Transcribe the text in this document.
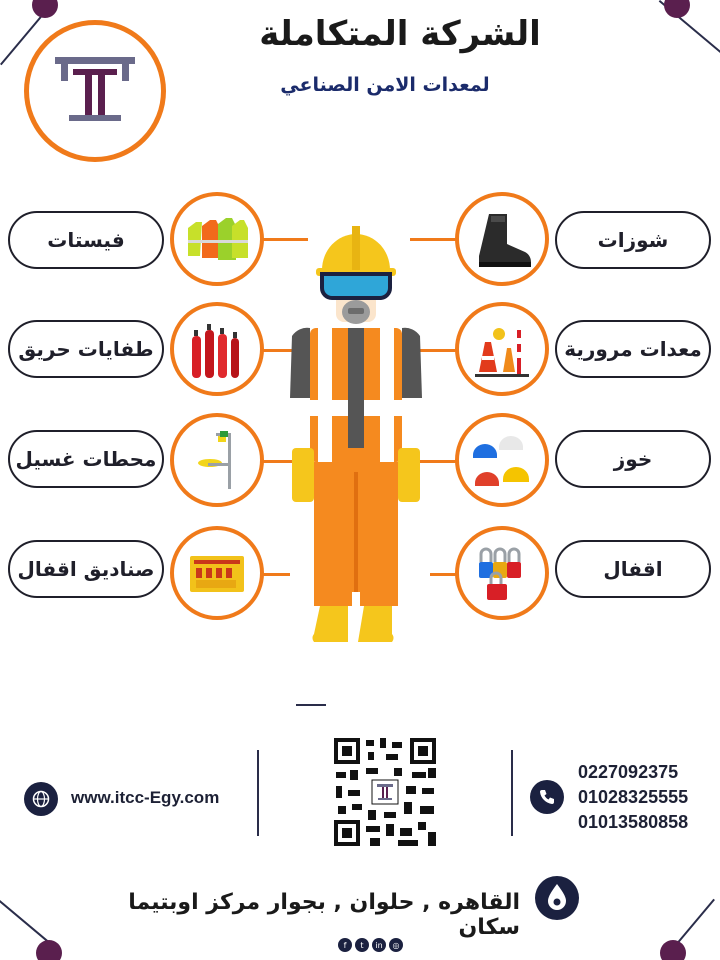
الشركة المتكاملة
لمعدات الامن الصناعي
فيستات
طفايات حريق
محطات غسيل
صناديق اقفال
شوزات
معدات مرورية
خوز
اقفال
www.itcc-Egy.com
0227092375
01028325555
01013580858
القاهره , حلوان , بجوار مركز اوبتيما سكان
f	t	in	◎
